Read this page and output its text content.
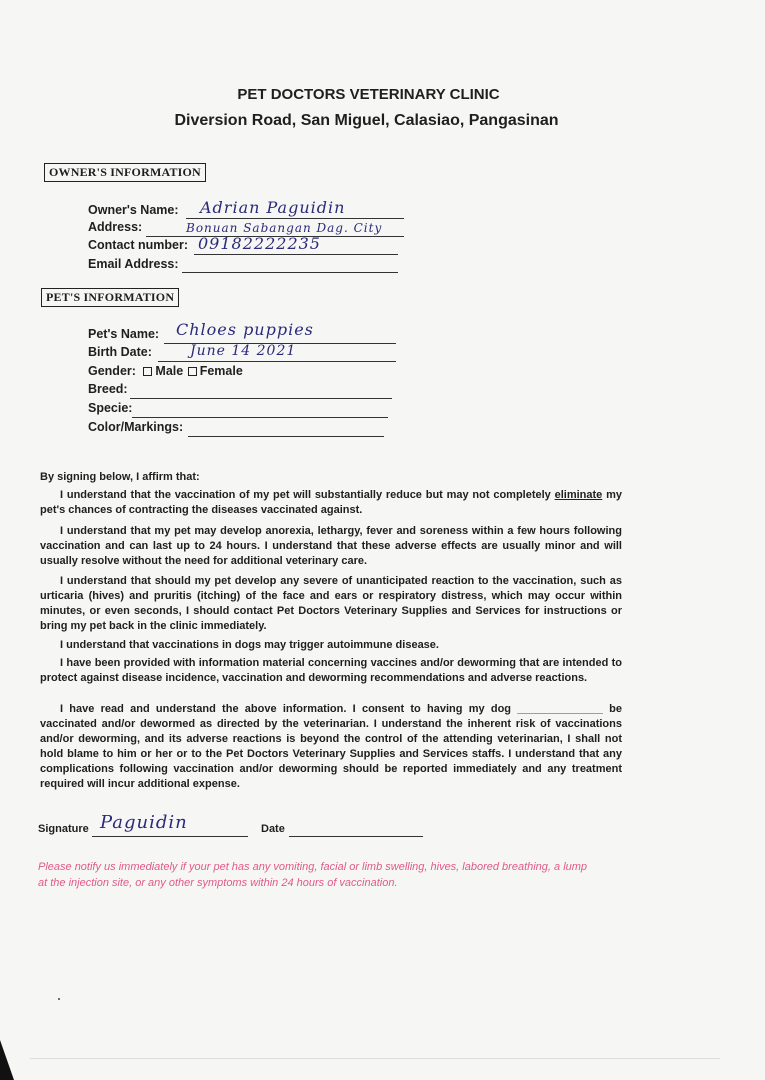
PET DOCTORS VETERINARY CLINIC
Diversion Road, San Miguel, Calasiao, Pangasinan
OWNER'S INFORMATION
Owner's Name: Adrian Paguidin
Address:	Bonuan Sabangan Dag. City
Contact number: 09182222235
Email Address:
PET'S INFORMATION
Pet's Name: Chloes puppies
Birth Date:	June 14 2021
Gender: Male Female
Breed:
Specie:
Color/Markings:
By signing below, I affirm that:
I understand that the vaccination of my pet will substantially reduce but may not completely eliminate my pet's chances of contracting the diseases vaccinated against.
I understand that my pet may develop anorexia, lethargy, fever and soreness within a few hours following vaccination and can last up to 24 hours. I understand that these adverse effects are usually minor and will usually resolve without the need for additional veterinary care.
I understand that should my pet develop any severe of unanticipated reaction to the vaccination, such as urticaria (hives) and pruritis (itching) of the face and ears or respiratory distress, which may occur within minutes, or even seconds, I should contact Pet Doctors Veterinary Supplies and Services for instructions or bring my pet back in the clinic immediately.
I understand that vaccinations in dogs may trigger autoimmune disease.
I have been provided with information material concerning vaccines and/or deworming that are intended to protect against disease incidence, vaccination and deworming recommendations and adverse reactions.
I have read and understand the above information. I consent to having my dog ______________ be vaccinated and/or dewormed as directed by the veterinarian. I understand the inherent risk of vaccinations and/or deworming, and its adverse reactions is beyond the control of the attending veterinarian, I shall not hold blame to him or her or to the Pet Doctors Veterinary Supplies and Services staffs. I understand that any complications following vaccination and/or deworming should be reported immediately and any treatment required will incur additional expense.
Signature Paguidin	Date
Please notify us immediately if your pet has any vomiting, facial or limb swelling, hives, labored breathing, a lump at the injection site, or any other symptoms within 24 hours of vaccination.
